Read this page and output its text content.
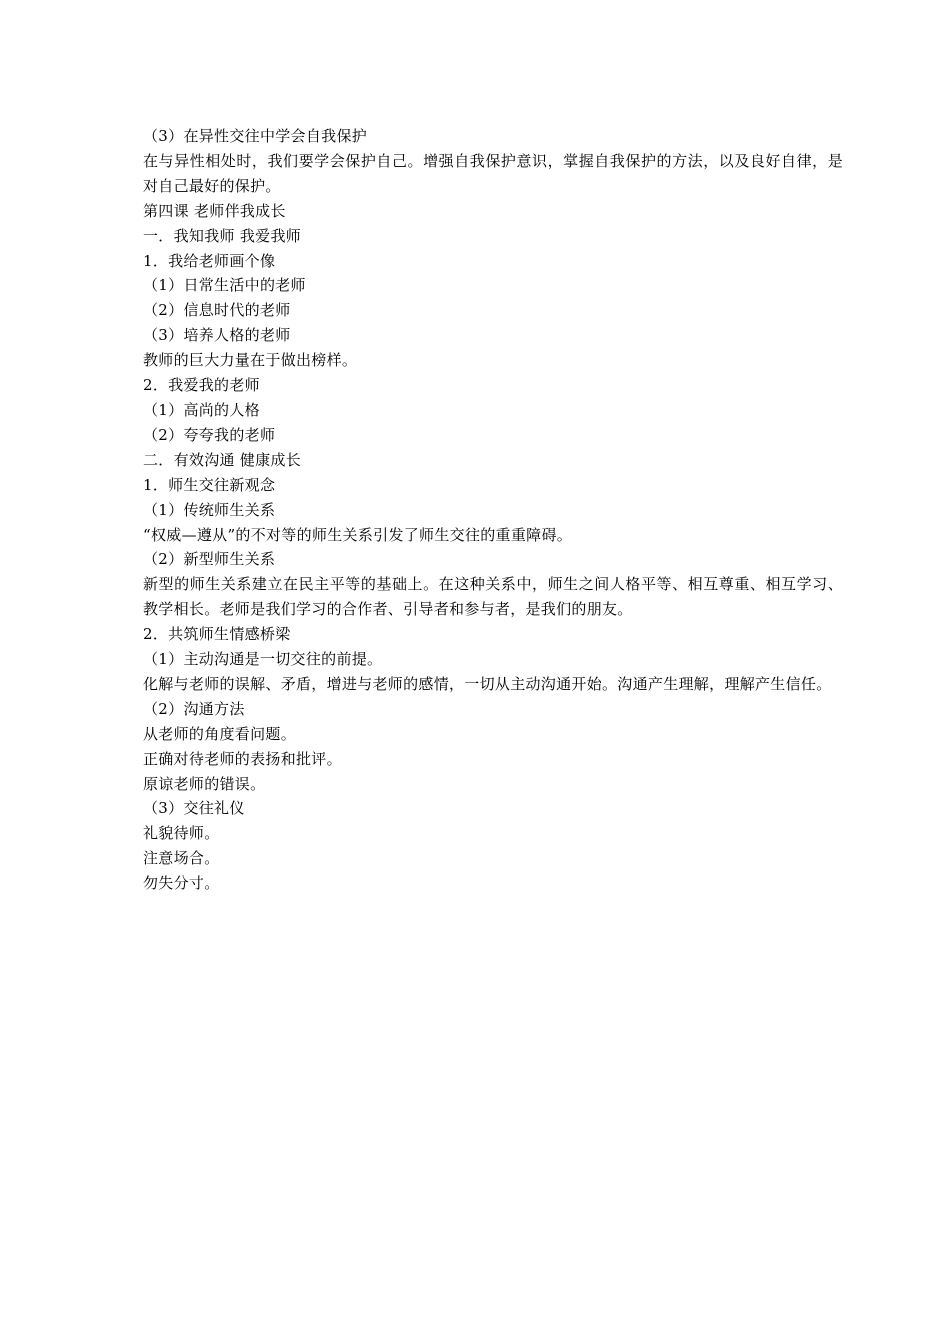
（3）在异性交往中学会自我保护
在与异性相处时，我们要学会保护自己。增强自我保护意识，掌握自我保护的方法，以及良好自律，是对自己最好的保护。
第四课 老师伴我成长
一．我知我师 我爱我师
1．我给老师画个像
（1）日常生活中的老师
（2）信息时代的老师
（3）培养人格的老师
教师的巨大力量在于做出榜样。
2．我爱我的老师
（1）高尚的人格
（2）夸夸我的老师
二．有效沟通 健康成长
1．师生交往新观念
（1）传统师生关系
“权威—遵从”的不对等的师生关系引发了师生交往的重重障碍。
（2）新型师生关系
新型的师生关系建立在民主平等的基础上。在这种关系中，师生之间人格平等、相互尊重、相互学习、教学相长。老师是我们学习的合作者、引导者和参与者，是我们的朋友。
2．共筑师生情感桥梁
（1）主动沟通是一切交往的前提。
化解与老师的误解、矛盾，增进与老师的感情，一切从主动沟通开始。沟通产生理解，理解产生信任。
（2）沟通方法
从老师的角度看问题。
正确对待老师的表扬和批评。
原谅老师的错误。
（3）交往礼仪
礼貌待师。
注意场合。
勿失分寸。
